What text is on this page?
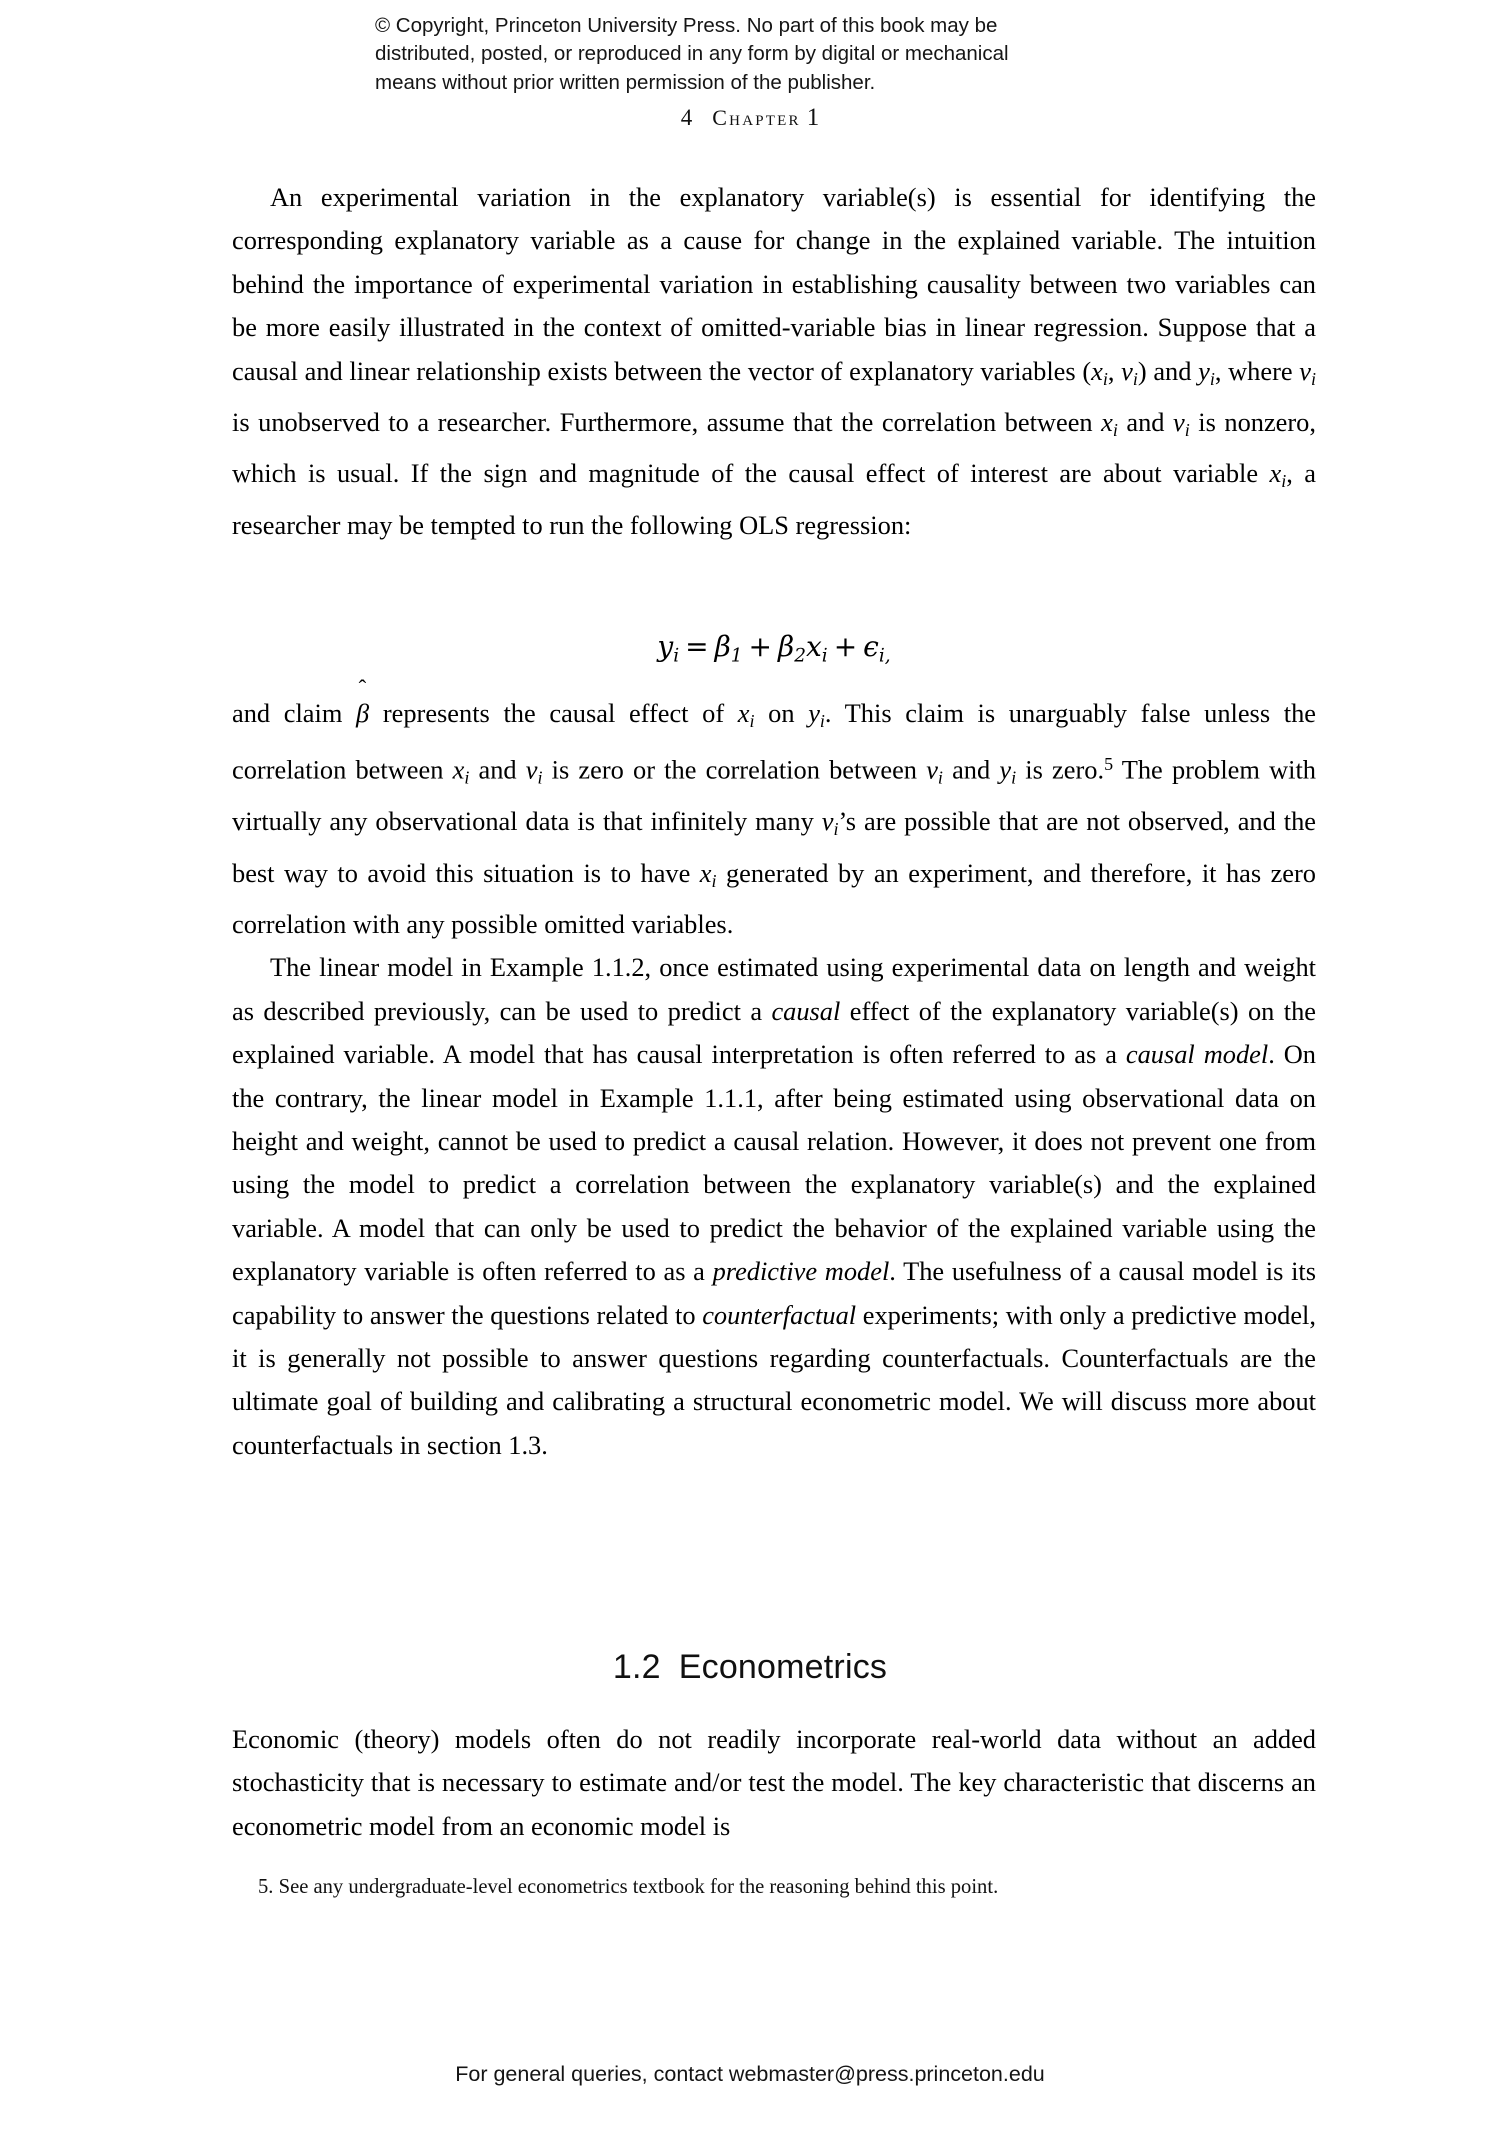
© Copyright, Princeton University Press. No part of this book may be
distributed, posted, or reproduced in any form by digital or mechanical
means without prior written permission of the publisher.
4 Chapter 1

An experimental variation in the explanatory variable(s) is essential for identifying the corresponding explanatory variable as a cause for change in the explained variable. The intuition behind the importance of experimental variation in establishing causality between two variables can be more easily illustrated in the context of omitted-variable bias in linear regression. Suppose that a causal and linear relationship exists between the vector of explanatory variables ($x_i$, $v_i$) and $y_i$, where $v_i$ is unobserved to a researcher. Furthermore, assume that the correlation between $x_i$ and $v_i$ is nonzero, which is usual. If the sign and magnitude of the causal effect of interest are about variable $x_i$, a researcher may be tempted to run the following OLS regression:

yi = β1 + β2xi + ϵi,

and claim
ˆ
β represents the causal effect of $x_i$ on $y_i$. This claim is unarguably false unless the correlation between $x_i$ and $v_i$ is zero or the correlation between $v_i$ and $y_i$ is zero.$^5$ The problem with virtually any observational data is that infinitely many $v_i’s$ are possible that are not observed, and the best way to avoid this situation is to have $x_i$ generated by an experiment, and therefore, it has zero correlation with any possible omitted variables.

The linear model in Example 1.1.2, once estimated using experimental data on length and weight as described previously, can be used to predict a causal effect of the explanatory variable(s) on the explained variable. A model that has causal interpretation is often referred to as a causal model. On the contrary, the linear model in Example 1.1.1, after being estimated using observational data on height and weight, cannot be used to predict a causal relation. However, it does not prevent one from using the model to predict a correlation between the explanatory variable(s) and the explained variable. A model that can only be used to predict the behavior of the explained variable using the explanatory variable is often referred to as a predictive model. The usefulness of a causal model is its capability to answer the questions related to counterfactual experiments; with only a predictive model, it is generally not possible to answer questions regarding counterfactuals. Counterfactuals are the ultimate goal of building and calibrating a structural econometric model. We will discuss more about counterfactuals in section 1.3.

1.2 Econometrics

Economic (theory) models often do not readily incorporate real-world data without an added stochasticity that is necessary to estimate and/or test the model. The key characteristic that discerns an econometric model from an economic model is

5. See any undergraduate-level econometrics textbook for the reasoning behind this point.
For general queries, contact webmaster@press.princeton.edu
